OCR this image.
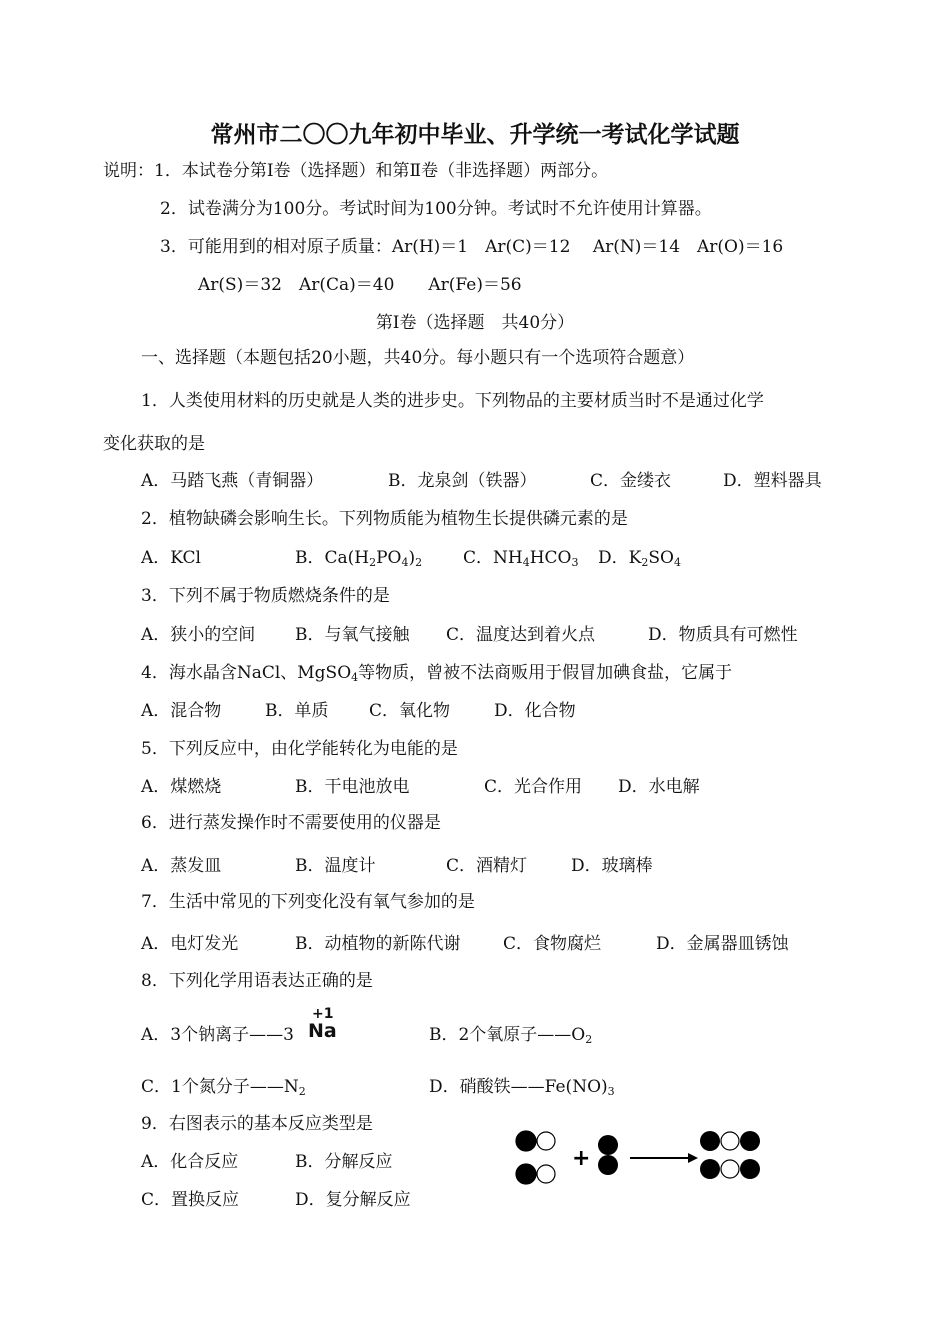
常州市二〇〇九年初中毕业、升学统一考试化学试题
说明：1．本试卷分第Ⅰ卷（选择题）和第Ⅱ卷（非选择题）两部分。
2．试卷满分为100分。考试时间为100分钟。考试时不允许使用计算器。
3．可能用到的相对原子质量：Ar(H)＝1　Ar(C)＝12　 Ar(N)＝14　Ar(O)＝16
Ar(S)＝32　Ar(Ca)＝40　　Ar(Fe)＝56
第Ⅰ卷（选择题　共40分）
一、选择题（本题包括20小题，共40分。每小题只有一个选项符合题意）
1．人类使用材料的历史就是人类的进步史。下列物品的主要材质当时不是通过化学
变化获取的是
A．马踏飞燕（青铜器）	B．龙泉剑（铁器）	C．金缕衣	D．塑料器具
2．植物缺磷会影响生长。下列物质能为植物生长提供磷元素的是
A．KCl	B．$Ca(H_2PO_4)_2$ C．$NH_4HCO_3$ D．$K_2SO_4$
3．下列不属于物质燃烧条件的是
A．狭小的空间 B．与氧气接触 C．温度达到着火点	D．物质具有可燃性
4．海水晶含NaCl、MgSO$_4$等物质，曾被不法商贩用于假冒加碘食盐，它属于
A．混合物	B．单质 C．氧化物	D．化合物
5．下列反应中，由化学能转化为电能的是
A．煤燃烧	B．干电池放电	C．光合作用 D．水电解
6．进行蒸发操作时不需要使用的仪器是
A．蒸发皿	B．温度计	C．酒精灯	D．玻璃棒
7．生活中常见的下列变化没有氧气参加的是
A．电灯发光	B．动植物的新陈代谢	C．食物腐烂	D．金属器皿锈蚀
8．下列化学用语表达正确的是
A．3个钠离子——3
+1
Na	B．2个氧原子$——O_2$
C．1个氮分子$——N_2$	D．硝酸铁$——Fe(NO)_3$
9．右图表示的基本反应类型是
A．化合反应	B．分解反应
C．置换反应	D．复分解反应
+
